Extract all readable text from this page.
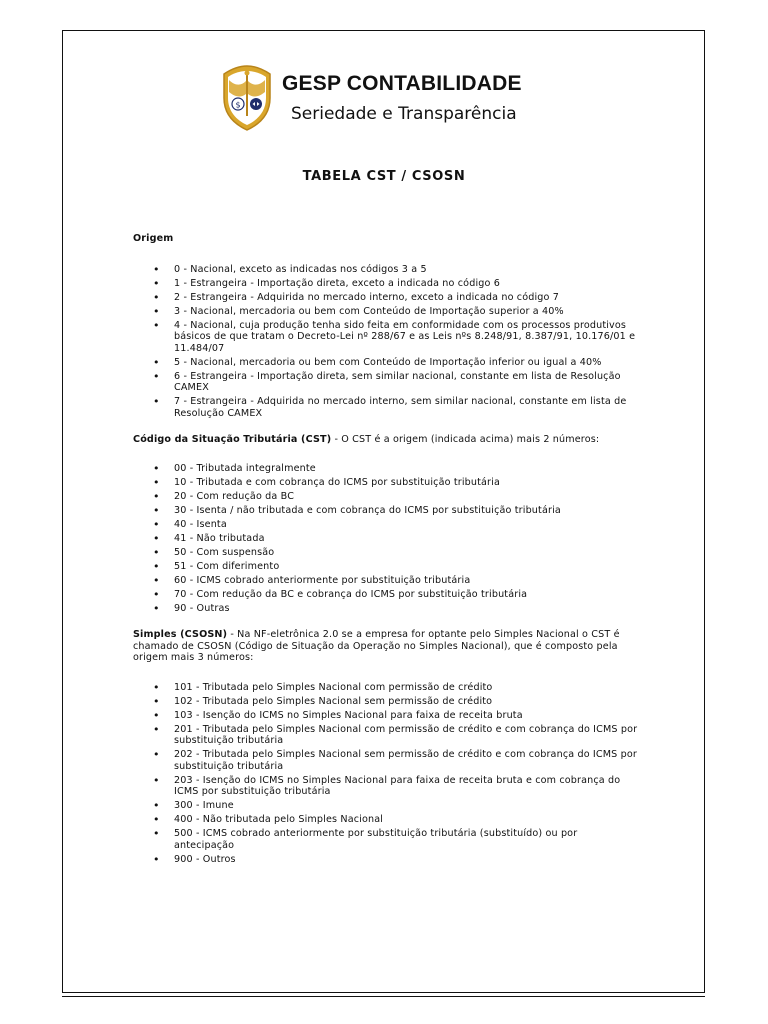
$
GESP CONTABILIDADE
Seriedade e Transparência
TABELA CST / CSOSN

Origem

• 0 - Nacional, exceto as indicadas nos códigos 3 a 5
• 1 - Estrangeira - Importação direta, exceto a indicada no código 6
• 2 - Estrangeira - Adquirida no mercado interno, exceto a indicada no código 7
• 3 - Nacional, mercadoria ou bem com Conteúdo de Importação superior a 40%
• 4 - Nacional, cuja produção tenha sido feita em conformidade com os processos produtivos básicos de que tratam o Decreto-Lei nº 288/67 e as Leis nºs 8.248/91, 8.387/91, 10.176/01 e 11.484/07
• 5 - Nacional, mercadoria ou bem com Conteúdo de Importação inferior ou igual a 40%
• 6 - Estrangeira - Importação direta, sem similar nacional, constante em lista de Resolução CAMEX
• 7 - Estrangeira - Adquirida no mercado interno, sem similar nacional, constante em lista de Resolução CAMEX

Código da Situação Tributária (CST) - O CST é a origem (indicada acima) mais 2 números:

• 00 - Tributada integralmente
• 10 - Tributada e com cobrança do ICMS por substituição tributária
• 20 - Com redução da BC
• 30 - Isenta / não tributada e com cobrança do ICMS por substituição tributária
• 40 - Isenta
• 41 - Não tributada
• 50 - Com suspensão
• 51 - Com diferimento
• 60 - ICMS cobrado anteriormente por substituição tributária
• 70 - Com redução da BC e cobrança do ICMS por substituição tributária
• 90 - Outras

Simples (CSOSN) - Na NF-eletrônica 2.0 se a empresa for optante pelo Simples Nacional o CST é chamado de CSOSN (Código de Situação da Operação no Simples Nacional), que é composto pela origem mais 3 números:

• 101 - Tributada pelo Simples Nacional com permissão de crédito
• 102 - Tributada pelo Simples Nacional sem permissão de crédito
• 103 - Isenção do ICMS no Simples Nacional para faixa de receita bruta
• 201 - Tributada pelo Simples Nacional com permissão de crédito e com cobrança do ICMS por substituição tributária
• 202 - Tributada pelo Simples Nacional sem permissão de crédito e com cobrança do ICMS por substituição tributária
• 203 - Isenção do ICMS no Simples Nacional para faixa de receita bruta e com cobrança do ICMS por substituição tributária
• 300 - Imune
• 400 - Não tributada pelo Simples Nacional
• 500 - ICMS cobrado anteriormente por substituição tributária (substituído) ou por antecipação
• 900 - Outros
